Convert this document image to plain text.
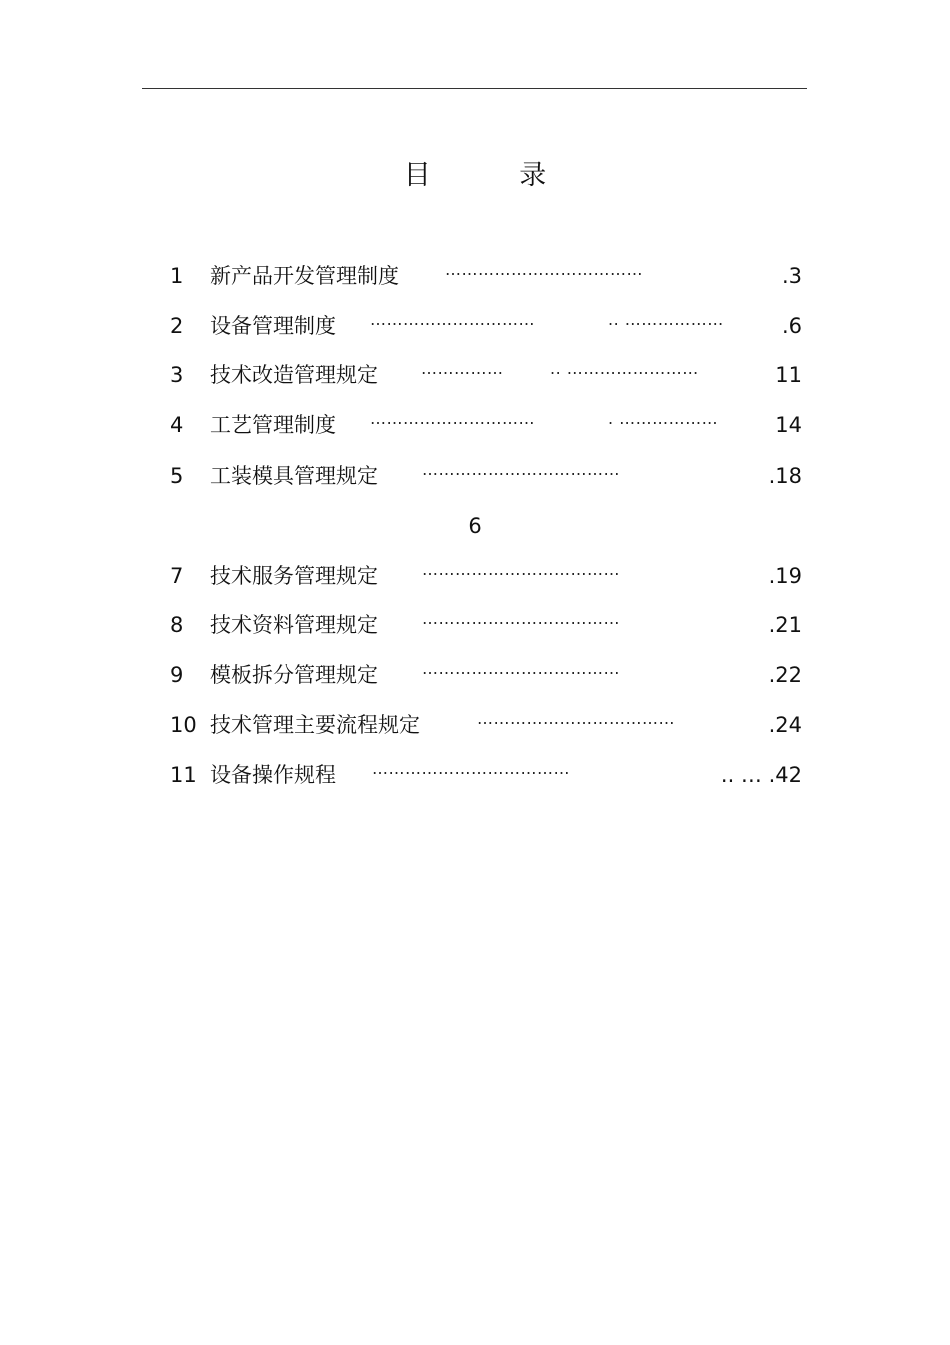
目 录
1 新产品开发管理制度	………………………………	.3
2 设备管理制度 …………………………	.. ………………	.6
3 技术改造管理规定	……………	.. ……………………	11
4 工艺管理制度 …………………………	. ………………	14
5 工装模具管理规定	………………………………	.18
6
7 技术服务管理规定	………………………………	.19
8 技术资料管理规定	………………………………	.21
9 模板拆分管理规定	………………………………	.22
10 技术管理主要流程规定	………………………………	.24
11 设备操作规程 ………………………………	.. … .42
